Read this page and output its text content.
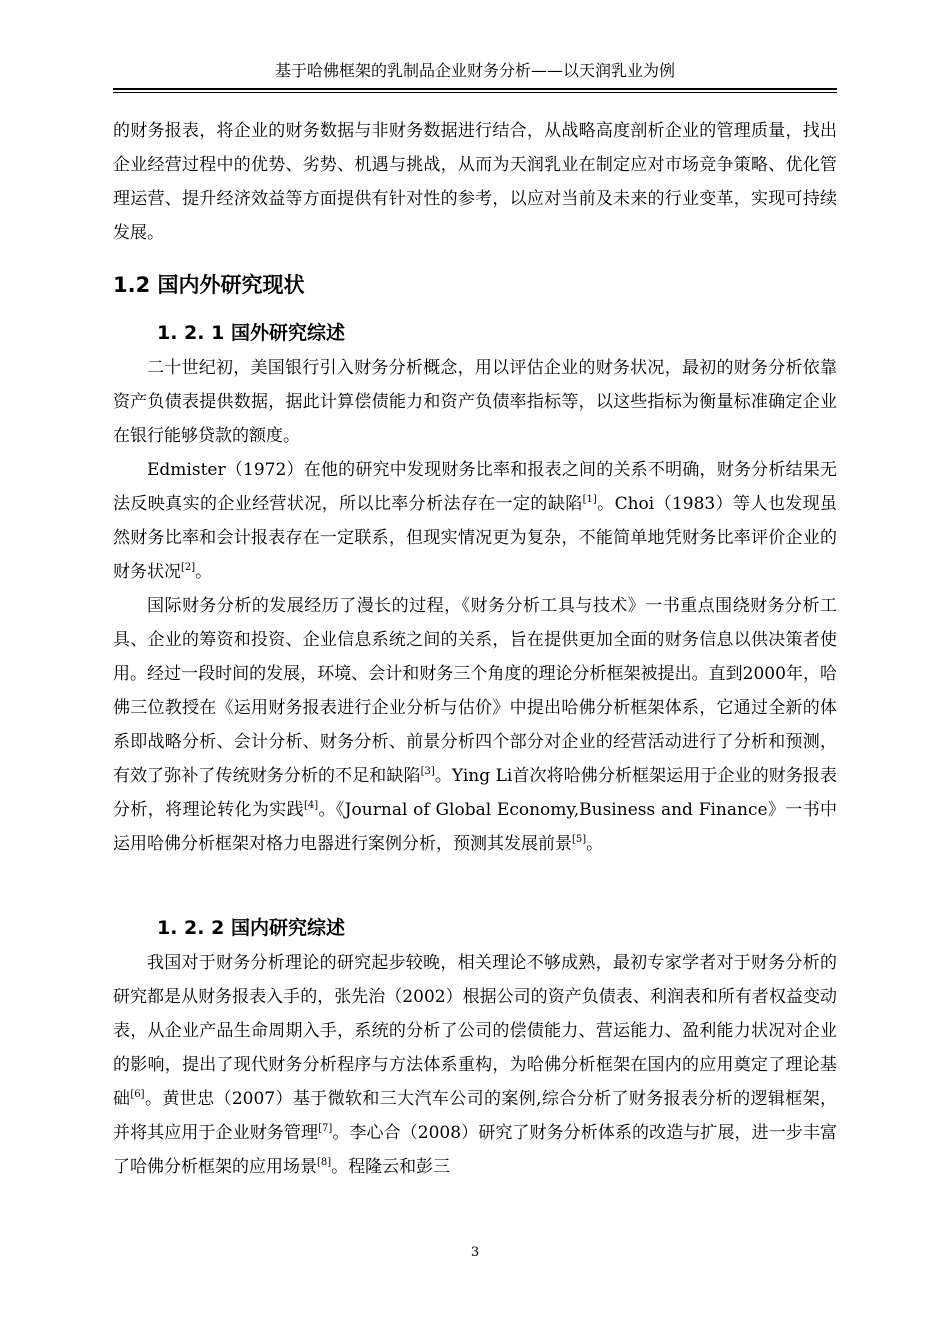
基于哈佛框架的乳制品企业财务分析——以天润乳业为例

的财务报表，将企业的财务数据与非财务数据进行结合，从战略高度剖析企业的管理质量，找出企业经营过程中的优势、劣势、机遇与挑战，从而为天润乳业在制定应对市场竞争策略、优化管理运营、提升经济效益等方面提供有针对性的参考，以应对当前及未来的行业变革，实现可持续发展。

1.2 国内外研究现状
1. 2. 1 国外研究综述

二十世纪初，美国银行引入财务分析概念，用以评估企业的财务状况，最初的财务分析依靠资产负债表提供数据，据此计算偿债能力和资产负债率指标等，以这些指标为衡量标准确定企业在银行能够贷款的额度。

Edmister（1972）在他的研究中发现财务比率和报表之间的关系不明确，财务分析结果无法反映真实的企业经营状况，所以比率分析法存在一定的缺陷[1]。Choi（1983）等人也发现虽然财务比率和会计报表存在一定联系，但现实情况更为复杂，不能简单地凭财务比率评价企业的财务状况[2]。

国际财务分析的发展经历了漫长的过程，《财务分析工具与技术》一书重点围绕财务分析工具、企业的筹资和投资、企业信息系统之间的关系，旨在提供更加全面的财务信息以供决策者使用。经过一段时间的发展，环境、会计和财务三个角度的理论分析框架被提出。直到2000年，哈佛三位教授在《运用财务报表进行企业分析与估价》中提出哈佛分析框架体系，它通过全新的体系即战略分析、会计分析、财务分析、前景分析四个部分对企业的经营活动进行了分析和预测，有效了弥补了传统财务分析的不足和缺陷[3]。Ying Li首次将哈佛分析框架运用于企业的财务报表分析，将理论转化为实践[4]。《Journal of Global Economy,Business and Finance》一书中运用哈佛分析框架对格力电器进行案例分析，预测其发展前景[5]。

1. 2. 2 国内研究综述

我国对于财务分析理论的研究起步较晚，相关理论不够成熟，最初专家学者对于财务分析的研究都是从财务报表入手的，张先治（2002）根据公司的资产负债表、利润表和所有者权益变动表，从企业产品生命周期入手，系统的分析了公司的偿债能力、营运能力、盈利能力状况对企业的影响，提出了现代财务分析程序与方法体系重构，为哈佛分析框架在国内的应用奠定了理论基础[6]。黄世忠（2007）基于微软和三大汽车公司的案例,综合分析了财务报表分析的逻辑框架，并将其应用于企业财务管理[7]。李心合（2008）研究了财务分析体系的改造与扩展，进一步丰富了哈佛分析框架的应用场景[8]。程隆云和彭三

3
